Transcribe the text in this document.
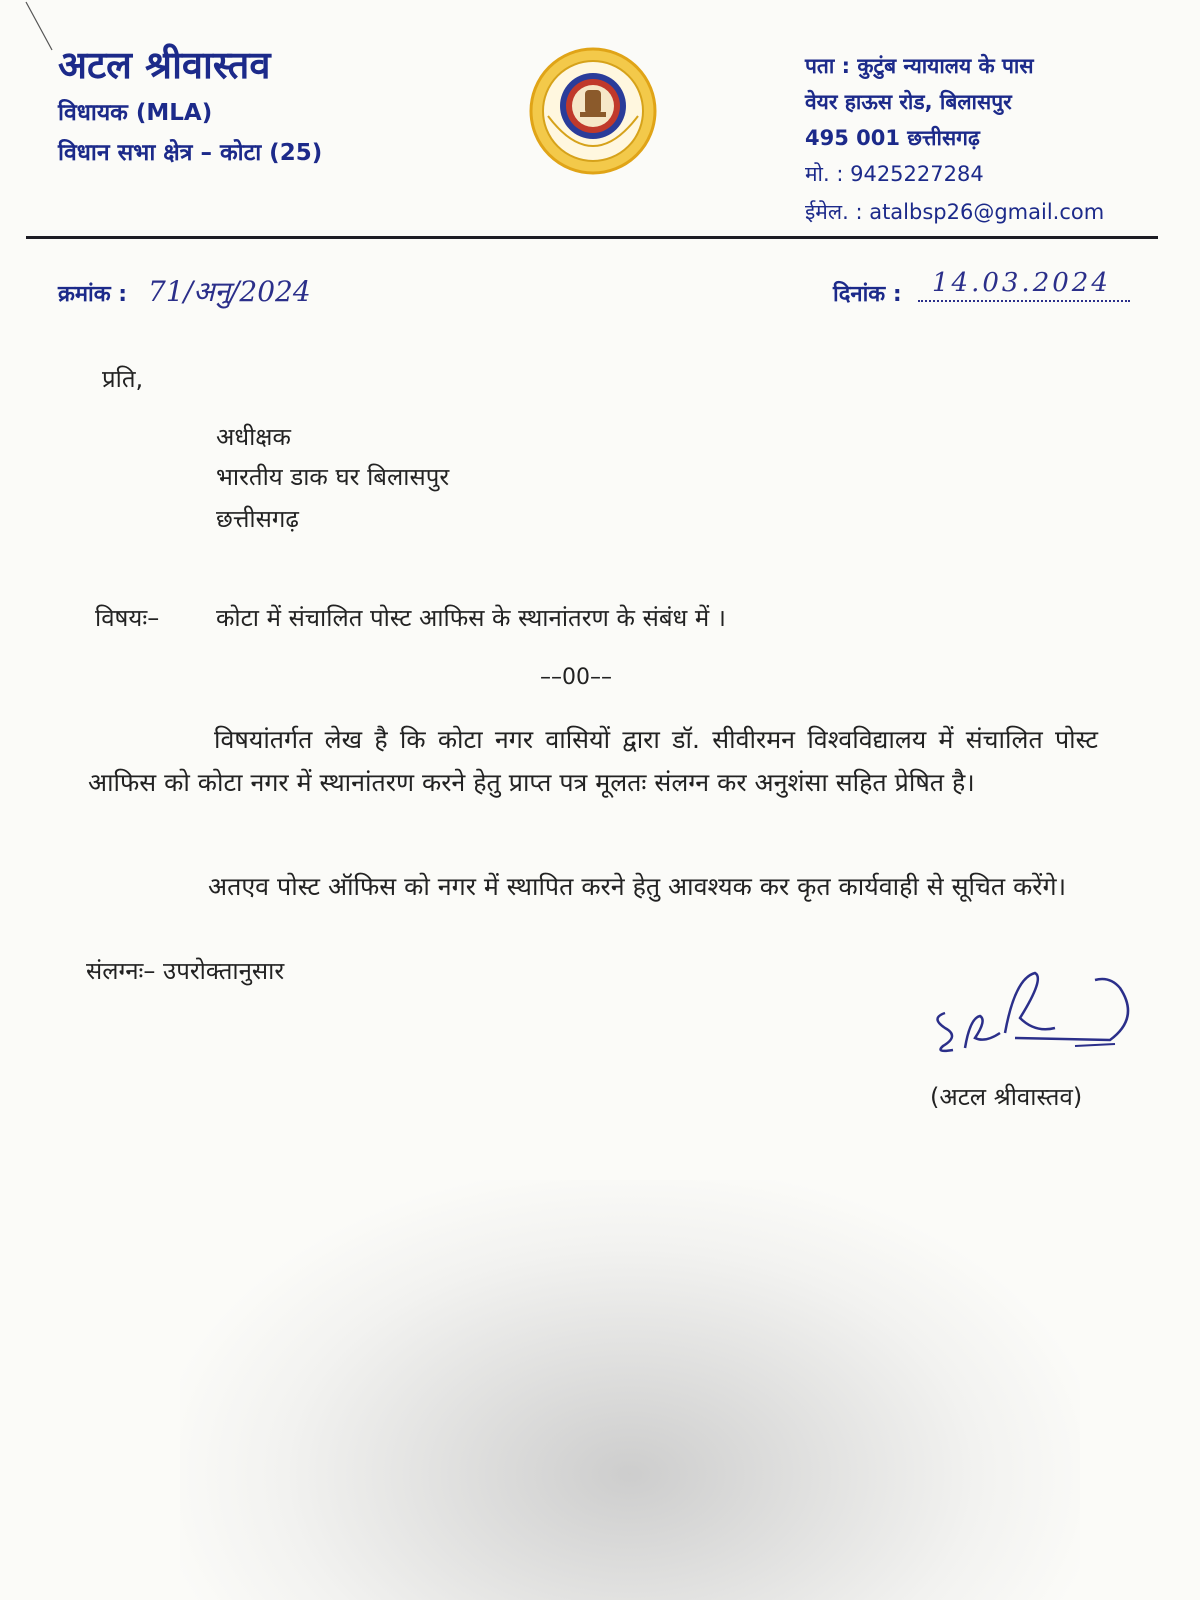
अटल श्रीवास्तव
विधायक (MLA)
विधान सभा क्षेत्र – कोटा (25)
पता : कुटुंब न्यायालय के पास
वेयर हाऊस रोड, बिलासपुर
495 001 छत्तीसगढ़
मो. : 9425227284
ईमेल. : atalbsp26@gmail.com
क्रमांक : 71/अनु/2024	दिनांक : 14.03.2024
प्रति,
अधीक्षक
भारतीय डाक घर बिलासपुर
छत्तीसगढ़
विषयः– कोटा में संचालित पोस्ट आफिस के स्थानांतरण के संबंध में ।
––00––
विषयांतर्गत लेख है कि कोटा नगर वासियों द्वारा डॉ. सीवीरमन विश्वविद्यालय में संचालित पोस्ट आफिस को कोटा नगर में स्थानांतरण करने हेतु प्राप्त पत्र मूलतः संलग्न कर अनुशंसा सहित प्रेषित है।
अतएव पोस्ट ऑफिस को नगर में स्थापित करने हेतु आवश्यक कर कृत कार्यवाही से सूचित करेंगे।
संलग्नः– उपरोक्तानुसार
(अटल श्रीवास्तव)
